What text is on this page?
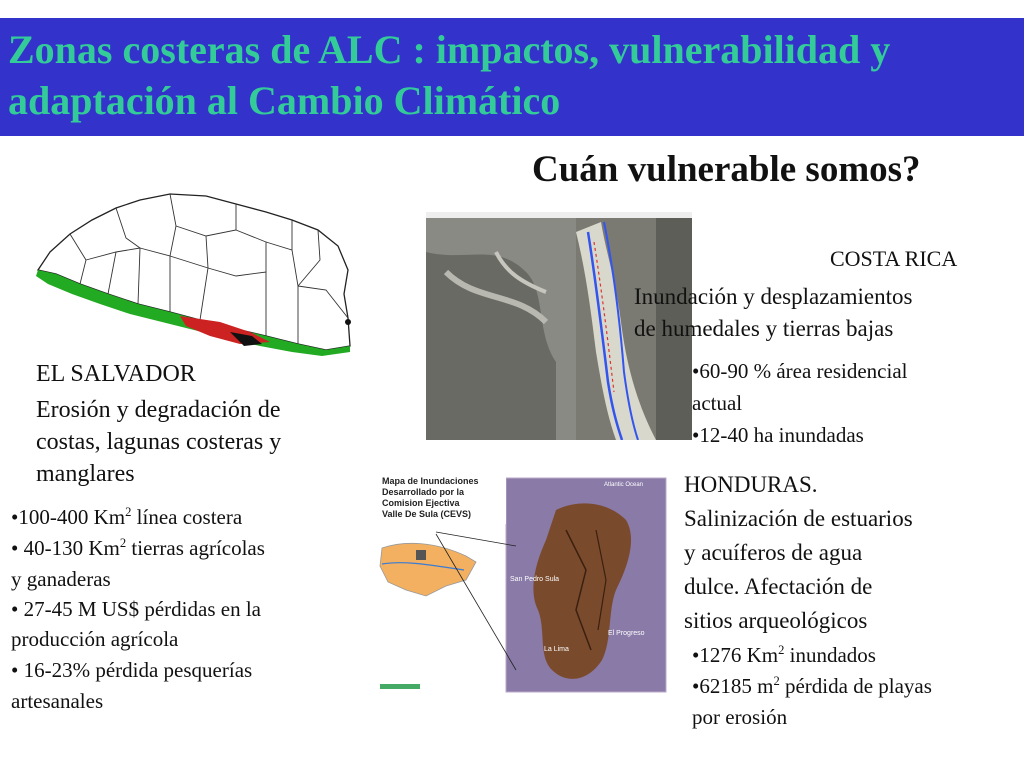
Zonas costeras de ALC : impactos, vulnerabilidad y adaptación al Cambio Climático
Cuán vulnerable somos?
EL SALVADOR
Erosión y degradación de
costas, lagunas costeras y
manglares
•100-400 Km$^2$ línea costera
• 40-130 Km$^2$ tierras agrícolas
y ganaderas
• 27-45 M US$ pérdidas en la
producción agrícola
• 16-23% pérdida pesquerías
artesanales
COSTA RICA
Inundación y desplazamientos
de humedales y tierras bajas
•60-90 % área residencial
actual
•12-40 ha inundadas
Mapa de Inundaciones
Desarrollado por la
Comision Ejectiva
Valle De Sula (CEVS)
San Pedro Sula
El Progreso
La Lima
Atlantic Ocean HONDURAS.
Salinización de estuarios
y acuíferos de agua
dulce. Afectación de
sitios arqueológicos
•1276 Km$^2$ inundados
•62185 $m^2$ pérdida de playas
por erosión
